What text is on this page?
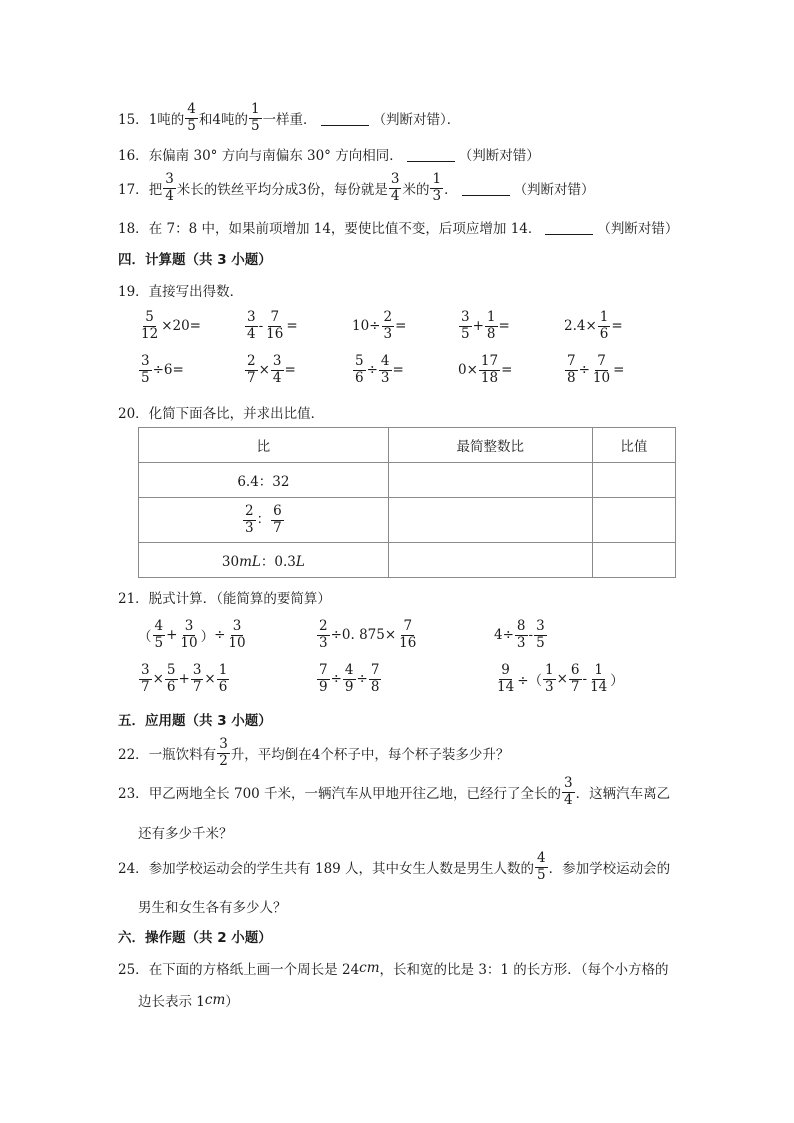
15． 1吨的 $\frac{4}{5}$ 和4吨的 $\frac{1}{5}$ 一样重．	（判断对错）．
16． 东偏南 30° 方向与南偏东 30° 方向相同．	（判断对错）
17． 把 $\frac{3}{4}$ 米长的铁丝平均分成3份，每份就是 $\frac{3}{4}$ 米的 $\frac{1}{3}$ ．	（判断对错）
18． 在 7：8 中，如果前项增加 14，要使比值不变，后项应增加 14．	（判断对错）
四．计算题（共 3 小题）
19．直接写出得数．
$\frac{5}{12} \times 20=$	$\frac{3}{4} - \frac{7}{16}$ =	$10\div \frac{2}{3}$ =	$\frac{3}{5} + \frac{1}{8}$ =	$2.4\times \frac{1}{6}$ =
$\frac{3}{5} \div 6=$	$\frac{2}{7} \times \frac{3}{4}$ =	$\frac{5}{6} \div \frac{4}{3}$ =	$0\times \frac{17}{18}$ =	$\frac{7}{8} \div \frac{7}{10}$ =
20．化简下面各比，并求出比值．
比	最简整数比	比值
6.4：32		

$\frac{2}{3}$ ： $\frac{6}{7}$

30mL：0.3L		
21．脱式计算．（能简算的要简算）
（ $\frac{4}{5} + \frac{3}{10}$ ） ÷ $\frac{3}{10}$	$\frac{2}{3} \div 0$. $875\times \frac{7}{16}$	$4\div \frac{8}{3} - \frac{3}{5}$
$\frac{3}{7} \times \frac{5}{6} + \frac{3}{7} \times \frac{1}{6}$	$\frac{7}{9} \div \frac{4}{9} \div \frac{7}{8}$	$\frac{9}{14}$ ÷（ $\frac{1}{3} \times \frac{6}{7} - \frac{1}{14}$ ）
五．应用题（共 3 小题）
22． 一瓶饮料有 $\frac{3}{2}$ 升，平均倒在4个杯子中，每个杯子装多少升？
23． 甲乙两地全长 700 千米，一辆汽车从甲地开往乙地，已经行了全长的 $\frac{3}{4}$ ．这辆汽车离乙
还有多少千米？
24． 参加学校运动会的学生共有 189 人，其中女生人数是男生人数的 $\frac{4}{5}$ ．参加学校运动会的
男生和女生各有多少人？
六．操作题（共 2 小题）
25． 在下面的方格纸上画一个周长是 24 cm ，长和宽的比是 3：1 的长方形．（每个小方格的
边长表示 1 cm ）
